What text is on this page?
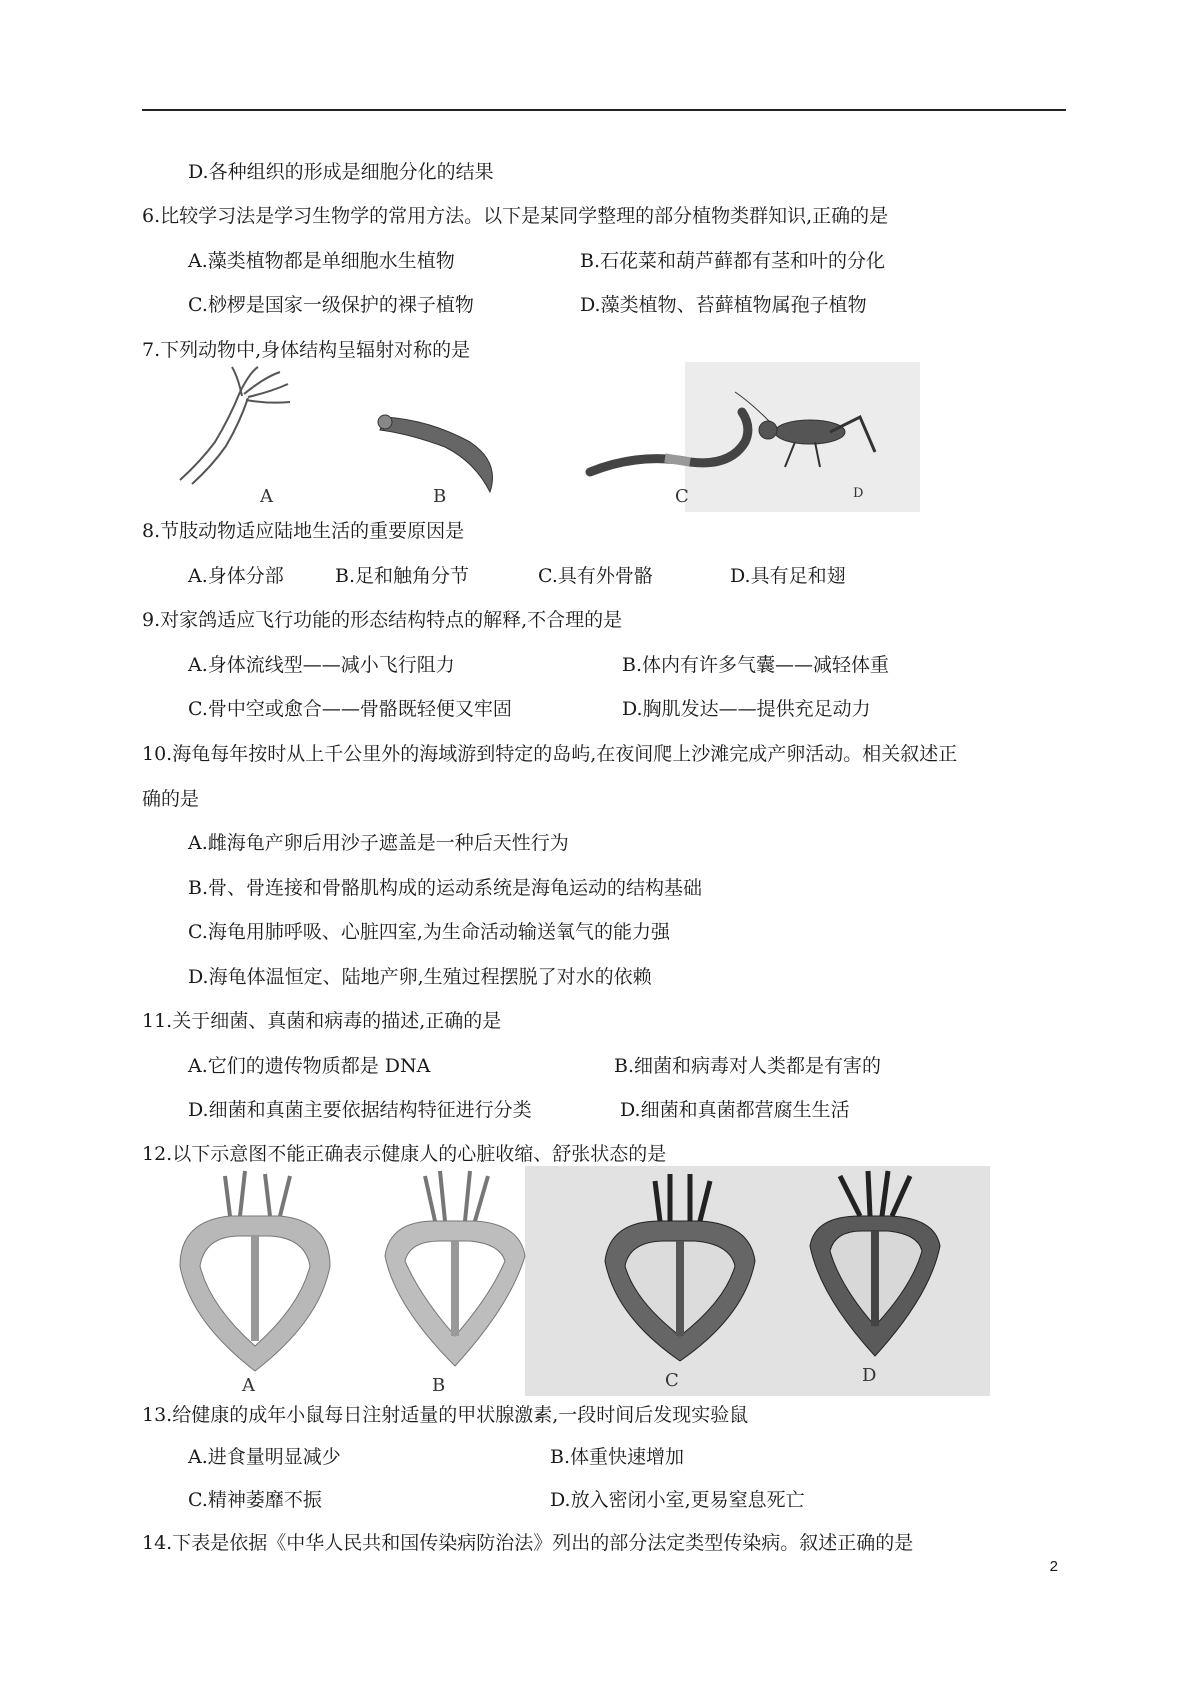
D.各种组织的形成是细胞分化的结果
6.比较学习法是学习生物学的常用方法。以下是某同学整理的部分植物类群知识,正确的是
A.藻类植物都是单细胞水生植物	B.石花菜和葫芦藓都有茎和叶的分化
C.桫椤是国家一级保护的裸子植物	D.藻类植物、苔藓植物属孢子植物
7.下列动物中,身体结构呈辐射对称的是
A	B	C	D
8.节肢动物适应陆地生活的重要原因是
A.身体分部	B.足和触角分节	C.具有外骨骼	D.具有足和翅
9.对家鸽适应飞行功能的形态结构特点的解释,不合理的是
A.身体流线型——减小飞行阻力	B.体内有许多气囊——减轻体重
C.骨中空或愈合——骨骼既轻便又牢固	D.胸肌发达——提供充足动力
10.海龟每年按时从上千公里外的海域游到特定的岛屿,在夜间爬上沙滩完成产卵活动。相关叙述正
确的是
A.雌海龟产卵后用沙子遮盖是一种后天性行为
B.骨、骨连接和骨骼肌构成的运动系统是海龟运动的结构基础
C.海龟用肺呼吸、心脏四室,为生命活动输送氧气的能力强
D.海龟体温恒定、陆地产卵,生殖过程摆脱了对水的依赖
11.关于细菌、真菌和病毒的描述,正确的是
A.它们的遗传物质都是 DNA	B.细菌和病毒对人类都是有害的
D.细菌和真菌主要依据结构特征进行分类	D.细菌和真菌都营腐生生活
12.以下示意图不能正确表示健康人的心脏收缩、舒张状态的是
A	B	C	D
13.给健康的成年小鼠每日注射适量的甲状腺激素,一段时间后发现实验鼠
A.进食量明显减少	B.体重快速增加
C.精神萎靡不振	D.放入密闭小室,更易窒息死亡
14.下表是依据《中华人民共和国传染病防治法》列出的部分法定类型传染病。叙述正确的是
2
